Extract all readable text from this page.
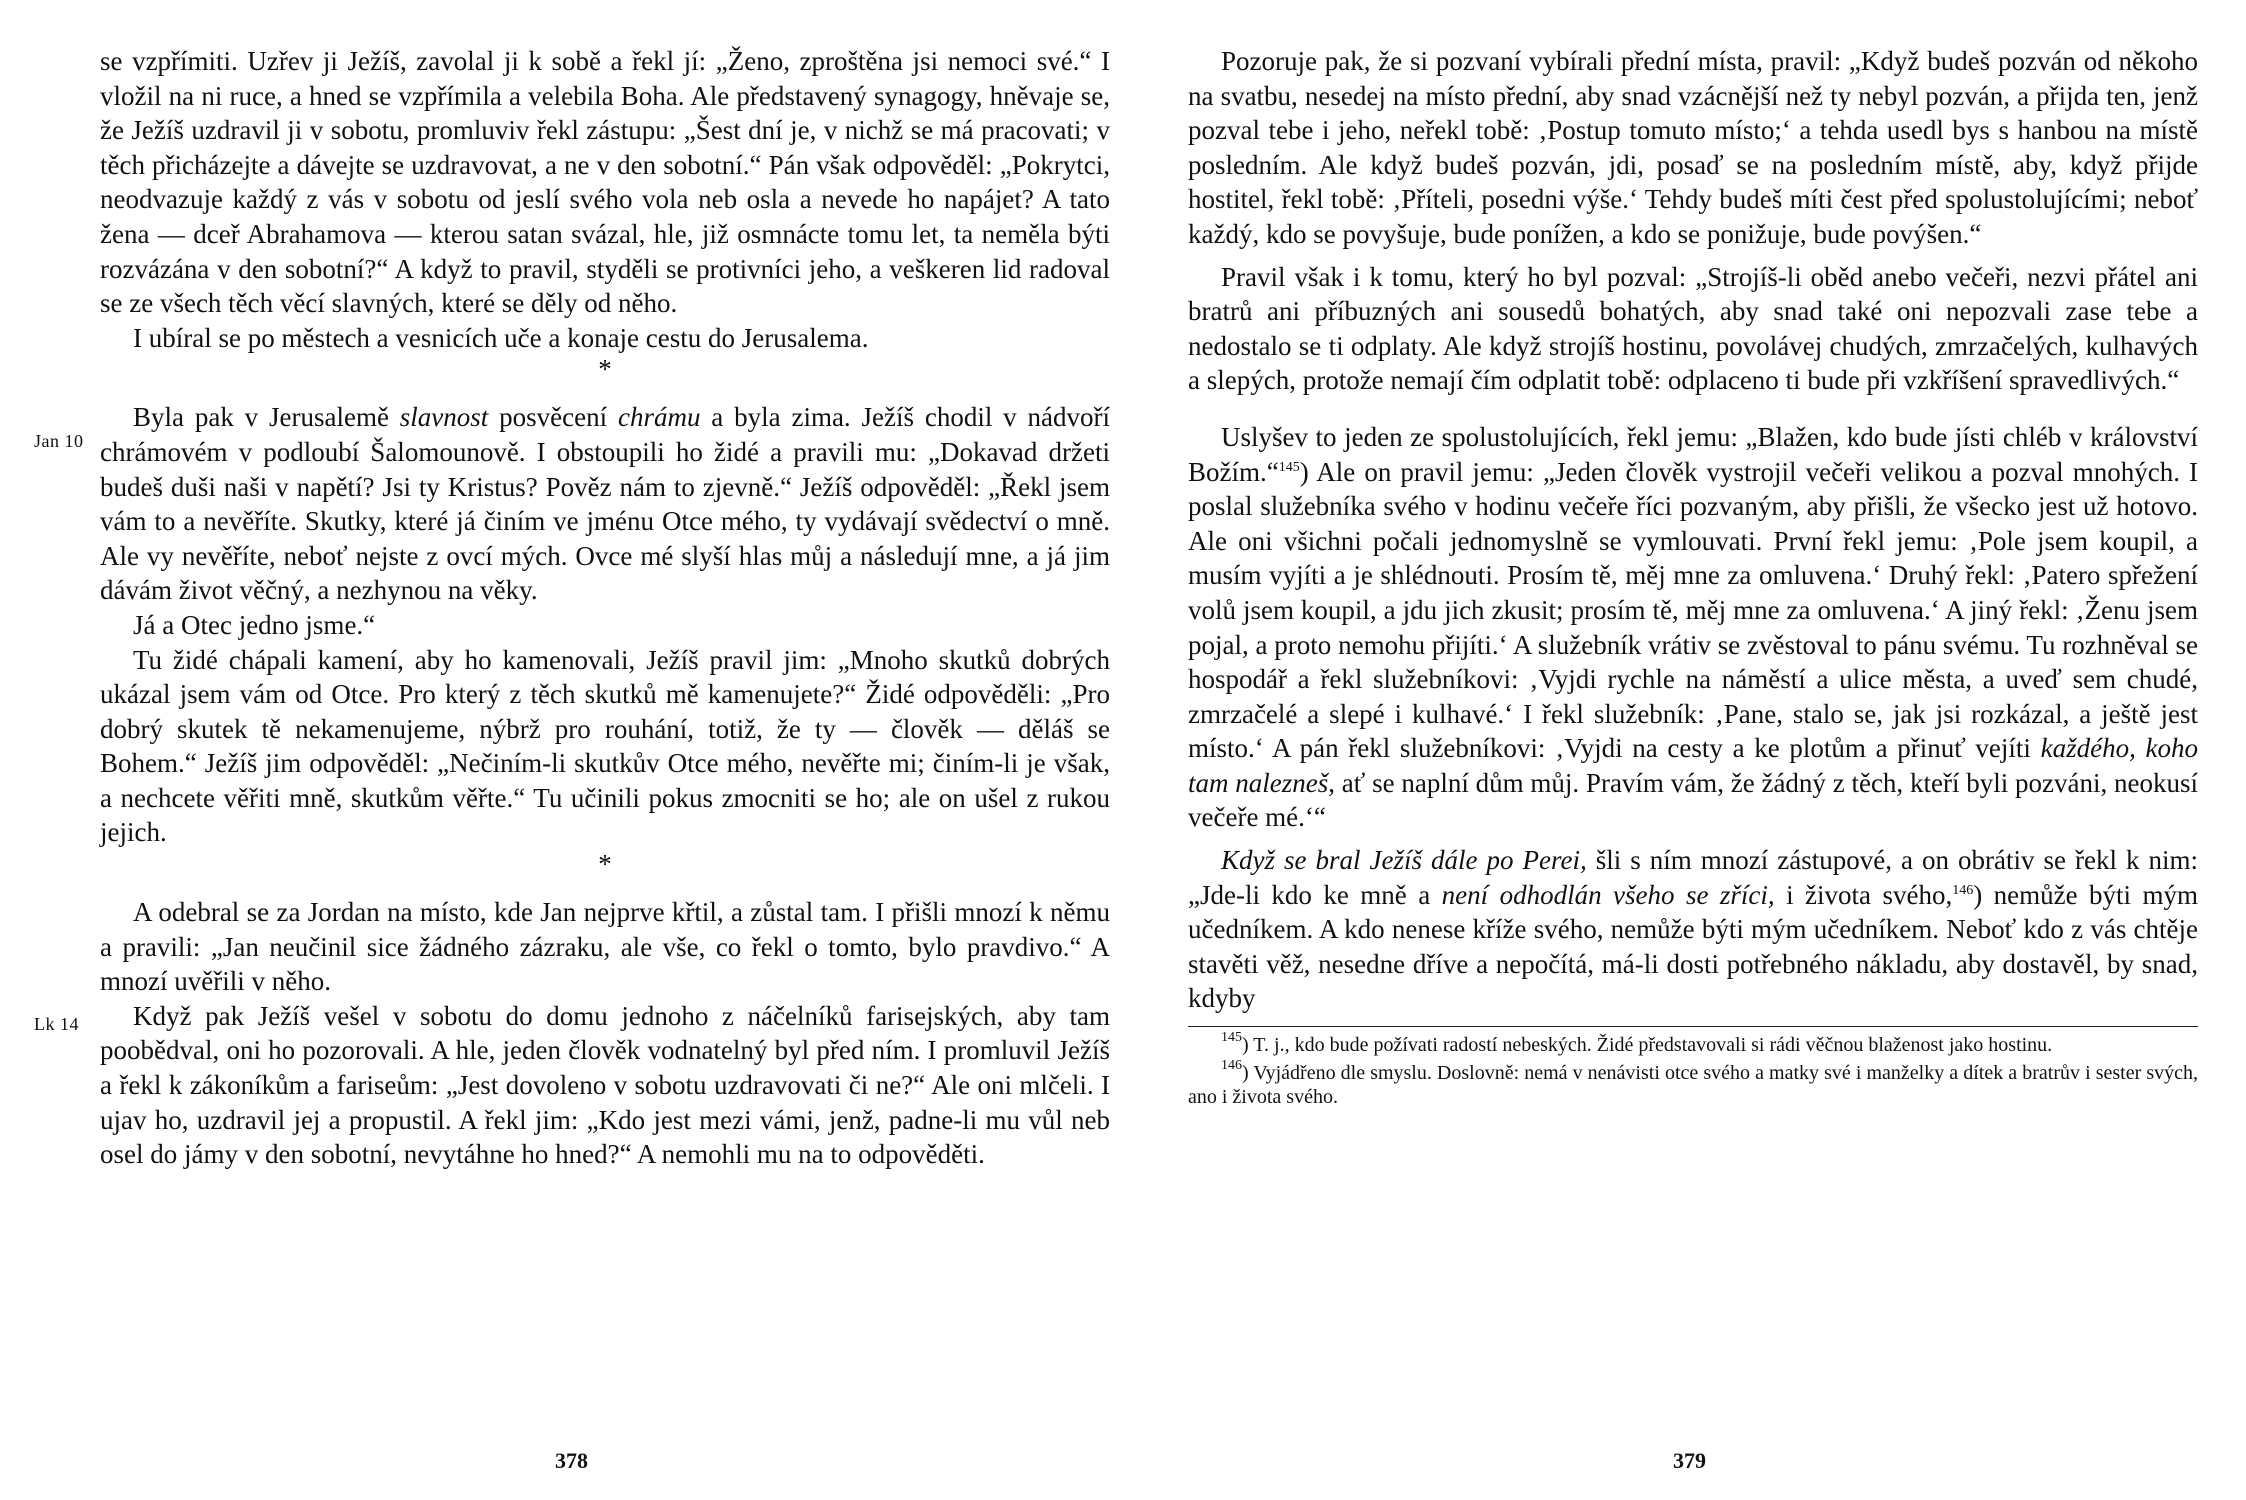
se vzpřímiti. Uzřev ji Ježíš, zavolal ji k sobě a řekl jí: „Ženo, zproštěna jsi nemoci své.“ I vložil na ni ruce, a hned se vzpřímila a velebila Boha. Ale představený synagogy, hněvaje se, že Ježíš uzdravil ji v sobotu, promluviv řekl zástupu: „Šest dní je, v nichž se má pracovati; v těch přicházejte a dávejte se uzdravovat, a ne v den sobotní.“ Pán však odpověděl: „Pokrytci, neodvazuje každý z vás v sobotu od jeslí svého vola neb osla a nevede ho napájet? A tato žena — dceř Abrahamova — kterou satan svázal, hle, již osmnácte tomu let, ta neměla býti rozvázána v den sobotní?“ A když to pravil, styděli se protivníci jeho, a veškeren lid radoval se ze všech těch věcí slavných, které se děly od něho.

I ubíral se po městech a vesnicích uče a konaje cestu do Jerusalema.

*
Jan 10

Byla pak v Jerusalemě slavnost posvěcení chrámu a byla zima. Ježíš chodil v nádvoří chrámovém v podloubí Šalomounově. I obstoupili ho židé a pravili mu: „Dokavad držeti budeš duši naši v napětí? Jsi ty Kristus? Pověz nám to zjevně.“ Ježíš odpověděl: „Řekl jsem vám to a nevěříte. Skutky, které já činím ve jménu Otce mého, ty vydávají svědectví o mně. Ale vy nevěříte, neboť nejste z ovcí mých. Ovce mé slyší hlas můj a následují mne, a já jim dávám život věčný, a nezhynou na věky.

Já a Otec jedno jsme.“

Tu židé chápali kamení, aby ho kamenovali, Ježíš pravil jim: „Mnoho skutků dobrých ukázal jsem vám od Otce. Pro který z těch skutků mě kamenujete?“ Židé odpověděli: „Pro dobrý skutek tě nekamenujeme, nýbrž pro rouhání, totiž, že ty — člověk — děláš se Bohem.“ Ježíš jim odpověděl: „Nečiním-li skutkův Otce mého, nevěřte mi; činím-li je však, a nechcete věřiti mně, skutkům věřte.“ Tu učinili pokus zmocniti se ho; ale on ušel z rukou jejich.

*

A odebral se za Jordan na místo, kde Jan nejprve křtil, a zůstal tam. I přišli mnozí k němu a pravili: „Jan neučinil sice žádného zázraku, ale vše, co řekl o tomto, bylo pravdivo.“ A mnozí uvěřili v něho.

Lk 14	Když pak Ježíš vešel v sobotu do domu jednoho z náčelníků farisejských, aby tam poobědval, oni ho pozorovali. A hle, jeden člověk vodnatelný byl před ním. I promluvil Ježíš a řekl k zákoníkům a fariseům: „Jest dovoleno v sobotu uzdravovati či ne?“ Ale oni mlčeli. I ujav ho, uzdravil jej a propustil. A řekl jim: „Kdo jest mezi vámi, jenž, padne-li mu vůl neb osel do jámy v den sobotní, nevytáhne ho hned?“ A nemohli mu na to odpověděti.

Pozoruje pak, že si pozvaní vybírali přední místa, pravil: „Když budeš pozván od někoho na svatbu, nesedej na místo přední, aby snad vzácnější než ty nebyl pozván, a přijda ten, jenž pozval tebe i jeho, neřekl tobě: ‚Postup tomuto místo;‘ a tehda usedl bys s hanbou na místě posledním. Ale když budeš pozván, jdi, posaď se na posledním místě, aby, když přijde hostitel, řekl tobě: ‚Příteli, posedni výše.‘ Tehdy budeš míti čest před spolustolujícími; neboť každý, kdo se povyšuje, bude ponížen, a kdo se ponižuje, bude povýšen.“

Pravil však i k tomu, který ho byl pozval: „Strojíš-li oběd anebo večeři, nezvi přátel ani bratrů ani příbuzných ani sousedů bohatých, aby snad také oni nepozvali zase tebe a nedostalo se ti odplaty. Ale když strojíš hostinu, povolávej chudých, zmrzačelých, kulhavých a slepých, protože nemají čím odplatit tobě: odplaceno ti bude při vzkříšení spravedlivých.“

Uslyšev to jeden ze spolustolujících, řekl jemu: „Blažen, kdo bude jísti chléb v království Božím.“$^{145}$) Ale on pravil jemu: „Jeden člověk vystrojil večeři velikou a pozval mnohých. I poslal služebníka svého v hodinu večeře říci pozvaným, aby přišli, že všecko jest už hotovo. Ale oni všichni počali jednomyslně se vymlouvati. První řekl jemu: ‚Pole jsem koupil, a musím vyjíti a je shlédnouti. Prosím tě, měj mne za omluvena.‘ Druhý řekl: ‚Patero spřežení volů jsem koupil, a jdu jich zkusit; prosím tě, měj mne za omluvena.‘ A jiný řekl: ‚Ženu jsem pojal, a proto nemohu přijíti.‘ A služebník vrátiv se zvěstoval to pánu svému. Tu rozhněval se hospodář a řekl služebníkovi: ‚Vyjdi rychle na náměstí a ulice města, a uveď sem chudé, zmrzačelé a slepé i kulhavé.‘ I řekl služebník: ‚Pane, stalo se, jak jsi rozkázal, a ještě jest místo.‘ A pán řekl služebníkovi: ‚Vyjdi na cesty a ke plotům a přinuť vejíti každého, koho tam nalezneš, ať se naplní dům můj. Pravím vám, že žádný z těch, kteří byli pozváni, neokusí večeře mé.‘“

Když se bral Ježíš dále po Perei, šli s ním mnozí zástupové, a on obrátiv se řekl k nim: „Jde-li kdo ke mně a není odhodlán všeho se zříci, i života svého,$^{146}$) nemůže býti mým učedníkem. A kdo nenese kříže svého, nemůže býti mým učedníkem. Neboť kdo z vás chtěje stavěti věž, nesedne dříve a nepočítá, má-li dosti potřebného nákladu, aby dostavěl, by snad, kdyby

$^{145}$) T. j., kdo bude požívati radostí nebeských. Židé představovali si rádi věčnou blaženost jako hostinu.

$^{146}$) Vyjádřeno dle smyslu. Doslovně: nemá v nenávisti otce svého a matky své i manželky a dítek a bratrův i sester svých, ano i života svého.

378	379
